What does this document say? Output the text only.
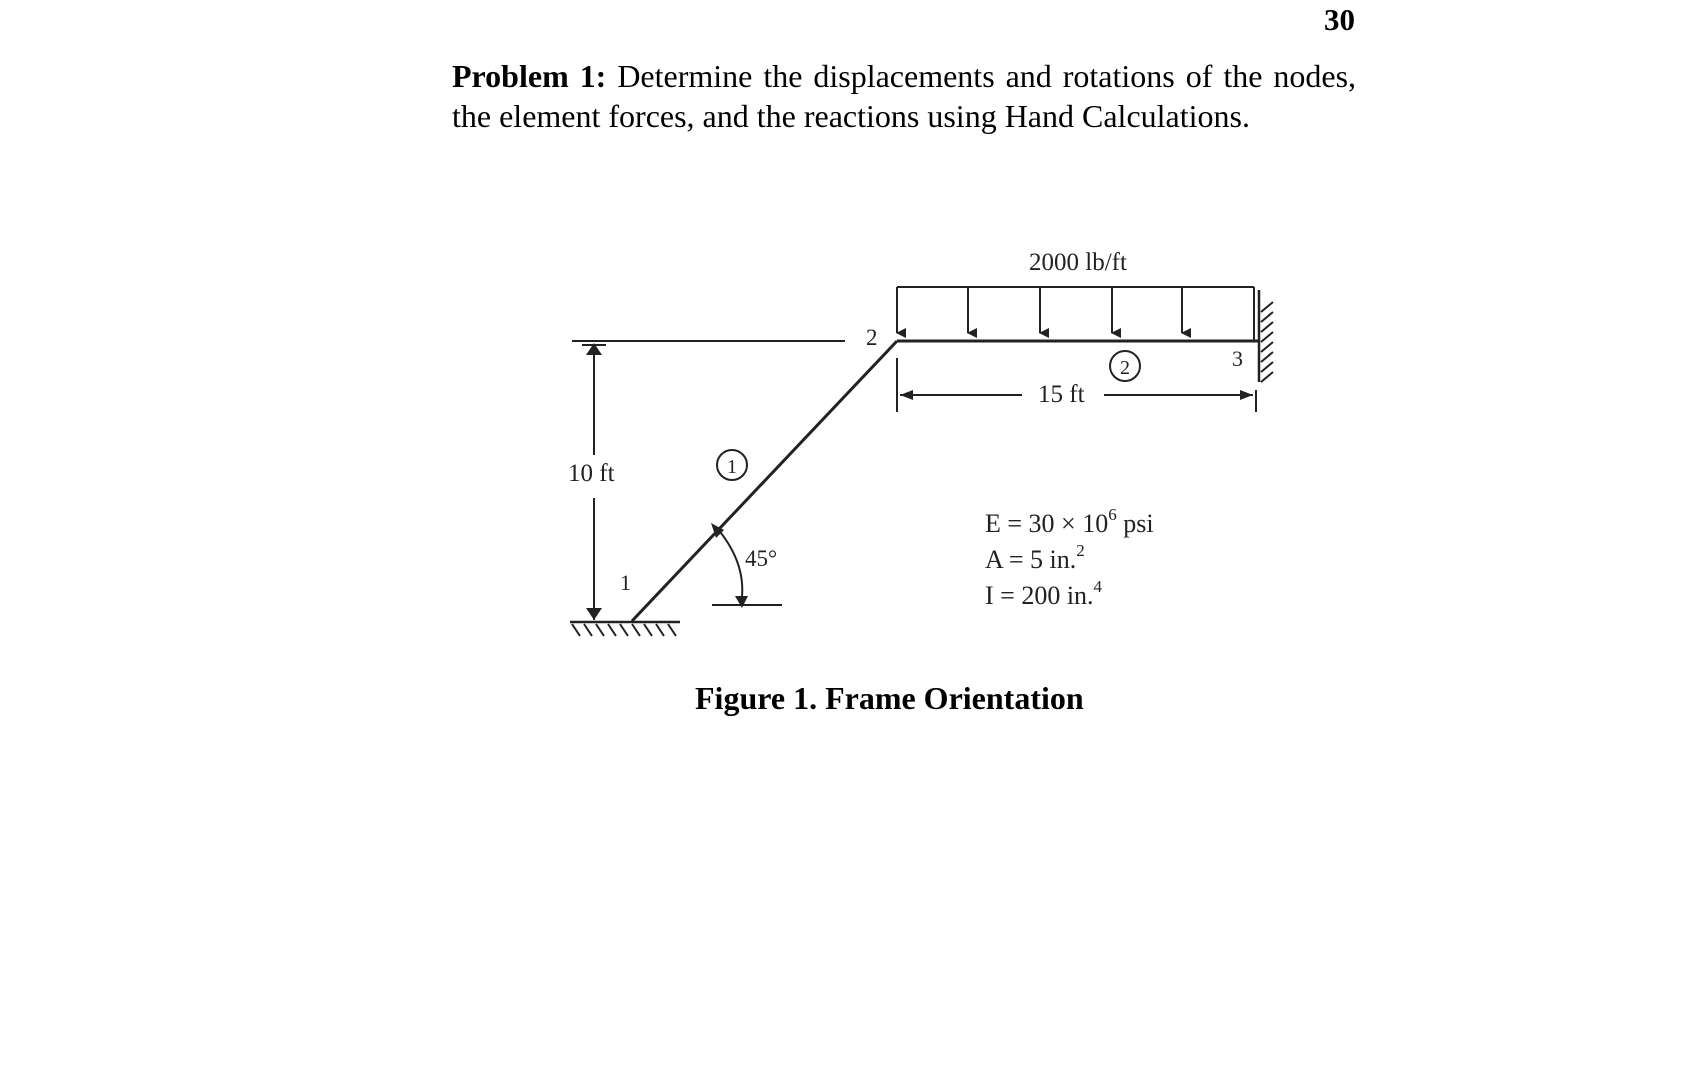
30
Problem 1: Determine the displacements and rotations of the nodes, the element forces, and the reactions using Hand Calculations.
10 ft
1
1
45°
2
2000 lb/ft
2	3
15 ft
$E = 30 \times 10^6$ psi
A = 5 in.$^2$
I = 200 in.$^4$
Figure 1. Frame Orientation
